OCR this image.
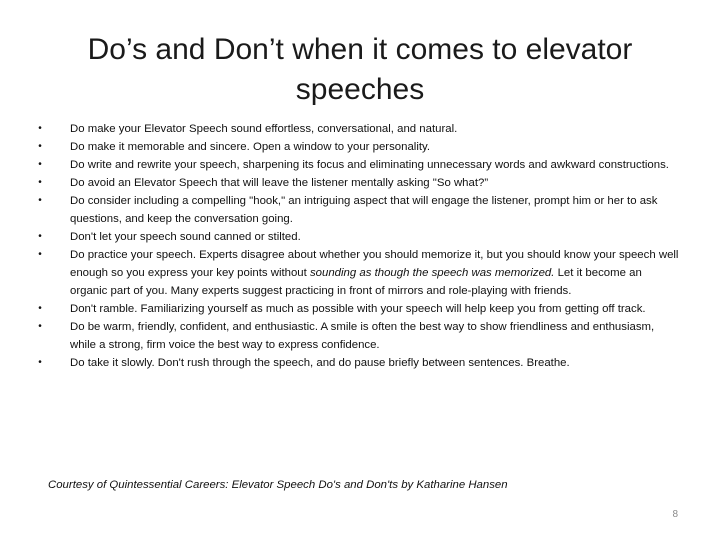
Do’s and Don’t when it comes to elevator speeches
• Do make your Elevator Speech sound effortless, conversational, and natural.
• Do make it memorable and sincere. Open a window to your personality.
• Do write and rewrite your speech, sharpening its focus and eliminating unnecessary words and awkward constructions.
• Do avoid an Elevator Speech that will leave the listener mentally asking "So what?”
• Do consider including a compelling "hook," an intriguing aspect that will engage the listener, prompt him or her to ask questions, and keep the conversation going.
• Don't let your speech sound canned or stilted.
• Do practice your speech. Experts disagree about whether you should memorize it, but you should know your speech well enough so you express your key points without sounding as though the speech was memorized. Let it become an organic part of you. Many experts suggest practicing in front of mirrors and role-playing with friends.
• Don't ramble. Familiarizing yourself as much as possible with your speech will help keep you from getting off track.
• Do be warm, friendly, confident, and enthusiastic. A smile is often the best way to show friendliness and enthusiasm, while a strong, firm voice the best way to express confidence.
• Do take it slowly. Don't rush through the speech, and do pause briefly between sentences. Breathe.
Courtesy of Quintessential Careers: Elevator Speech Do's and Don'ts by Katharine Hansen
8
